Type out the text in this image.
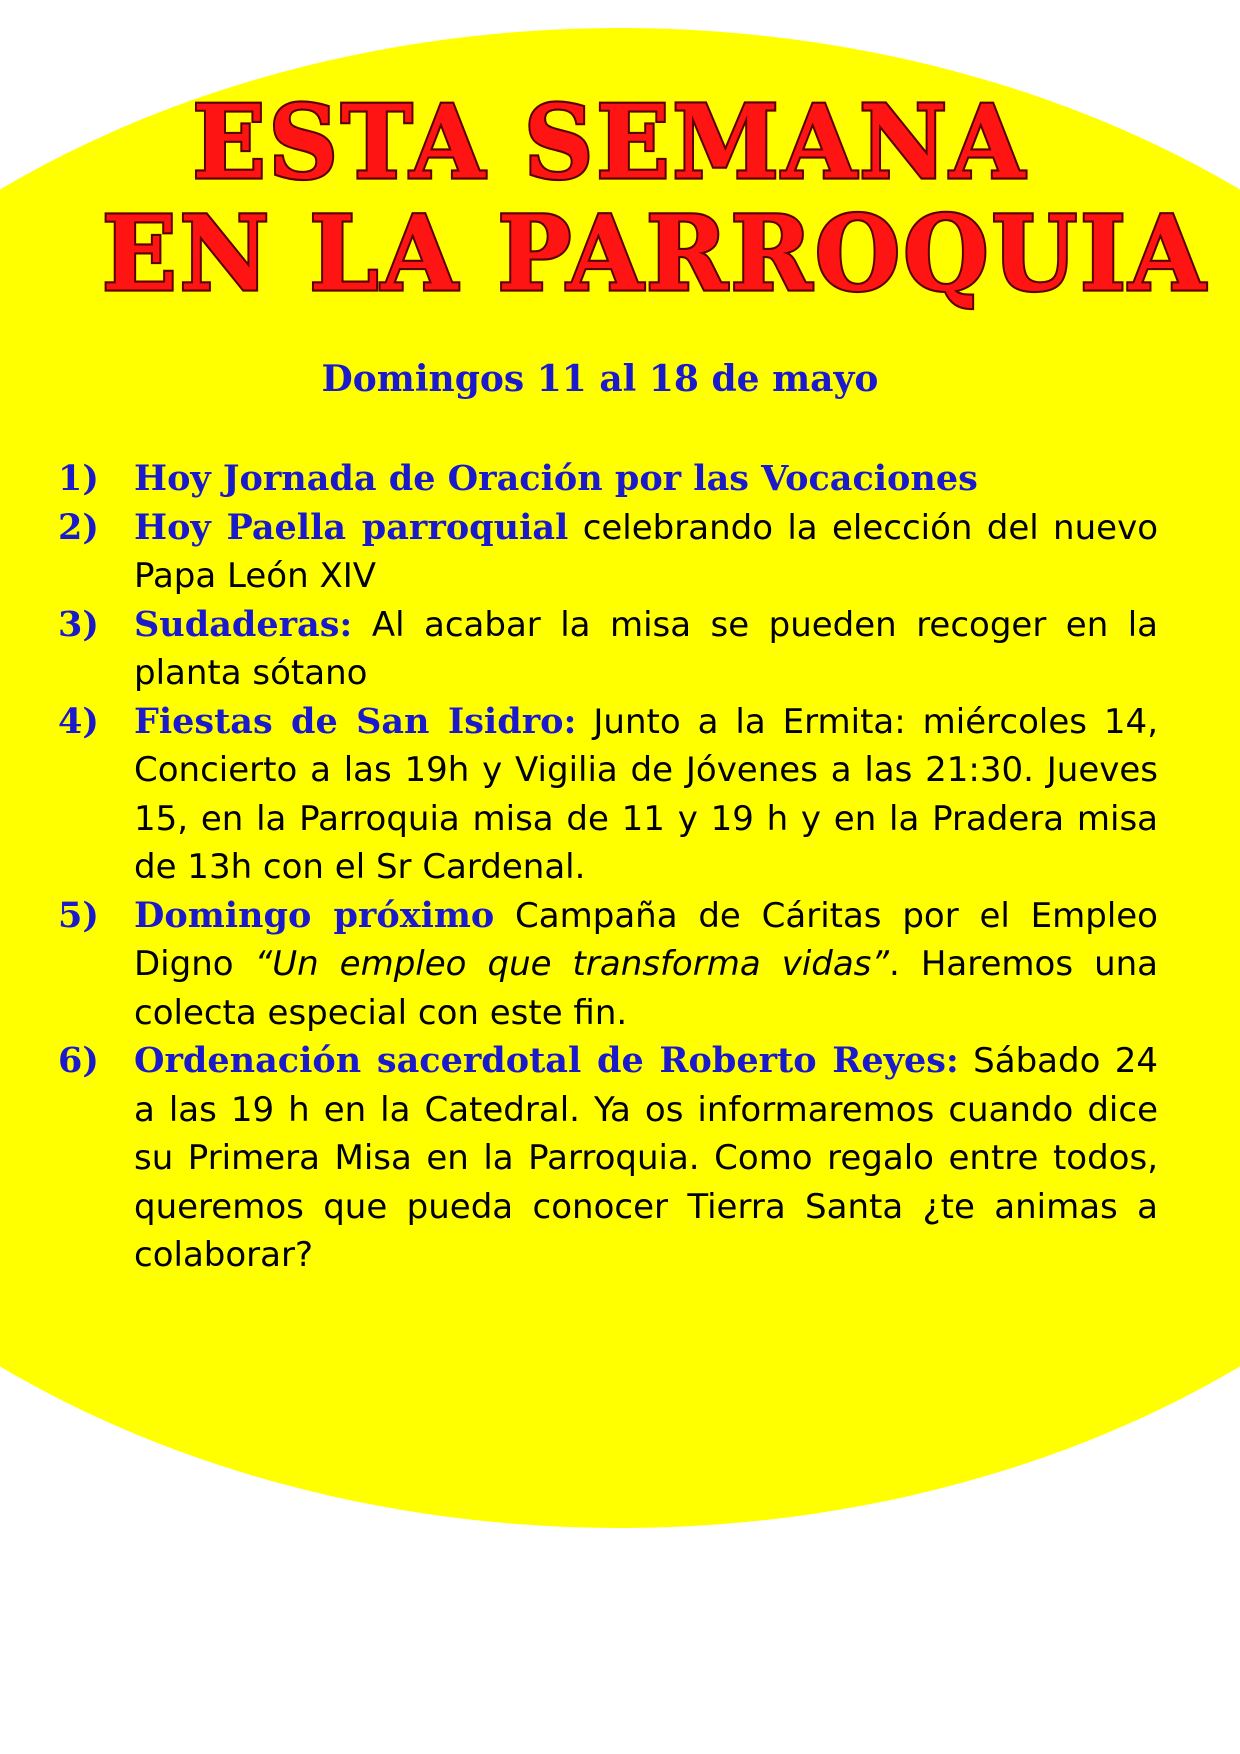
ESTA SEMANA
EN LA PARROQUIA

Domingos 11 al 18 de mayo

1)	Hoy Jornada de Oración por las Vocaciones
2)	Hoy Paella parroquial celebrando la elección del nuevo Papa León XIV
3)	Sudaderas: Al acabar la misa se pueden recoger en la planta sótano
4)	Fiestas de San Isidro: Junto a la Ermita: miércoles 14, Concierto a las 19h y Vigilia de Jóvenes a las 21:30. Jueves 15, en la Parroquia misa de 11 y 19 h y en la Pradera misa de 13h con el Sr Cardenal.
5)	Domingo próximo Campaña de Cáritas por el Empleo Digno “Un empleo que transforma vidas”. Haremos una colecta especial con este fin.
6)	Ordenación sacerdotal de Roberto Reyes: Sábado 24 a las 19 h en la Catedral. Ya os informaremos cuando dice su Primera Misa en la Parroquia. Como regalo entre todos, queremos que pueda conocer Tierra Santa ¿te animas a colaborar?
